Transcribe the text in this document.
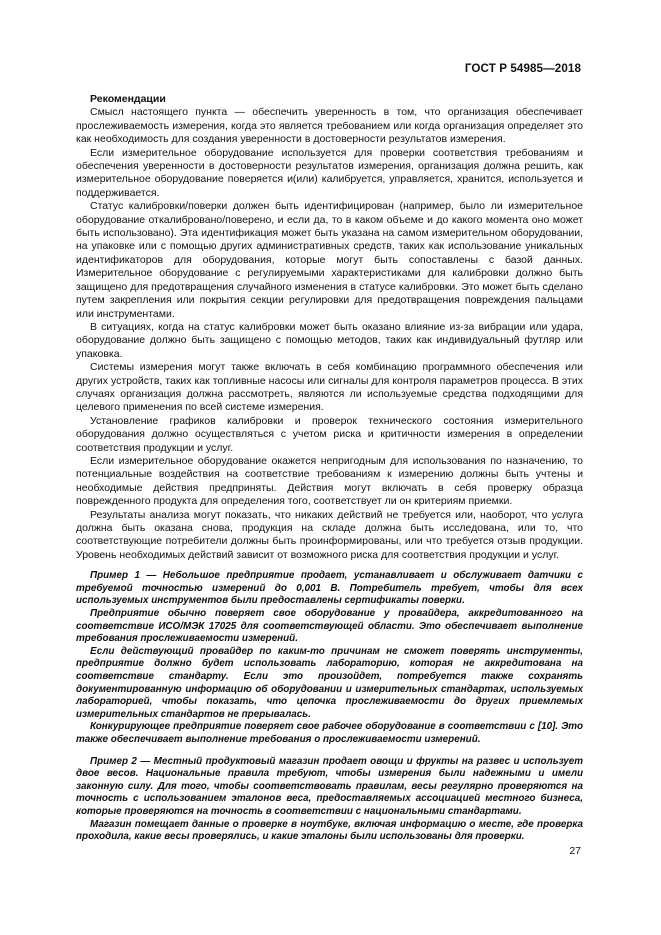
ГОСТ Р 54985—2018

Рекомендации

Смысл настоящего пункта — обеспечить уверенность в том, что организация обеспечивает прослеживаемость измерения, когда это является требованием или когда организация определяет это как необходимость для создания уверенности в достоверности результатов измерения.

Если измерительное оборудование используется для проверки соответствия требованиям и обеспечения уверенности в достоверности результатов измерения, организация должна решить, как измерительное оборудование поверяется и(или) калибруется, управляется, хранится, используется и поддерживается.

Статус калибровки/поверки должен быть идентифицирован (например, было ли измерительное оборудование откалибровано/поверено, и если да, то в каком объеме и до какого момента оно может быть использовано). Эта идентификация может быть указана на самом измерительном оборудовании, на упаковке или с помощью других административных средств, таких как использование уникальных идентификаторов для оборудования, которые могут быть сопоставлены с базой данных. Измерительное оборудование с регулируемыми характеристиками для калибровки должно быть защищено для предотвращения случайного изменения в статусе калибровки. Это может быть сделано путем закрепления или покрытия секции регулировки для предотвращения повреждения пальцами или инструментами.

В ситуациях, когда на статус калибровки может быть оказано влияние из-за вибрации или удара, оборудование должно быть защищено с помощью методов, таких как индивидуальный футляр или упаковка.

Системы измерения могут также включать в себя комбинацию программного обеспечения или других устройств, таких как топливные насосы или сигналы для контроля параметров процесса. В этих случаях организация должна рассмотреть, являются ли используемые средства подходящими для целевого применения по всей системе измерения.

Установление графиков калибровки и проверок технического состояния измерительного оборудования должно осуществляться с учетом риска и критичности измерения в определении соответствия продукции и услуг.

Если измерительное оборудование окажется непригодным для использования по назначению, то потенциальные воздействия на соответствие требованиям к измерению должны быть учтены и необходимые действия предприняты. Действия могут включать в себя проверку образца поврежденного продукта для определения того, соответствует ли он критериям приемки.

Результаты анализа могут показать, что никаких действий не требуется или, наоборот, что услуга должна быть оказана снова, продукция на складе должна быть исследована, или то, что соответствующие потребители должны быть проинформированы, или что требуется отзыв продукции. Уровень необходимых действий зависит от возможного риска для соответствия продукции и услуг.

Пример 1 — Небольшое предприятие продает, устанавливает и обслуживает датчики с требуемой точностью измерений до 0,001 В. Потребитель требует, чтобы для всех используемых инструментов были предоставлены сертификаты поверки.

Предприятие обычно поверяет свое оборудование у провайдера, аккредитованного на соответствие ИСО/МЭК 17025 для соответствующей области. Это обеспечивает выполнение требования прослеживаемости измерений.

Если действующий провайдер по каким-то причинам не сможет поверять инструменты, предприятие должно будет использовать лабораторию, которая не аккредитована на соответствие стандарту. Если это произойдет, потребуется также сохранять документированную информацию об оборудовании и измерительных стандартах, используемых лабораторией, чтобы показать, что цепочка прослеживаемости до других приемлемых измерительных стандартов не прерывалась.

Конкурирующее предприятие поверяет свое рабочее оборудование в соответствии с [10]. Это также обеспечивает выполнение требования о прослеживаемости измерений.

Пример 2 — Местный продуктовый магазин продает овощи и фрукты на развес и использует двое весов. Национальные правила требуют, чтобы измерения были надежными и имели законную силу. Для того, чтобы соответствовать правилам, весы регулярно проверяются на точность с использованием эталонов веса, предоставляемых ассоциацией местного бизнеса, которые проверяются на точность в соответствии с национальными стандартами.

Магазин помещает данные о проверке в ноутбуке, включая информацию о месте, где проверка проходила, какие весы проверялись, и какие эталоны были использованы для проверки.

27
